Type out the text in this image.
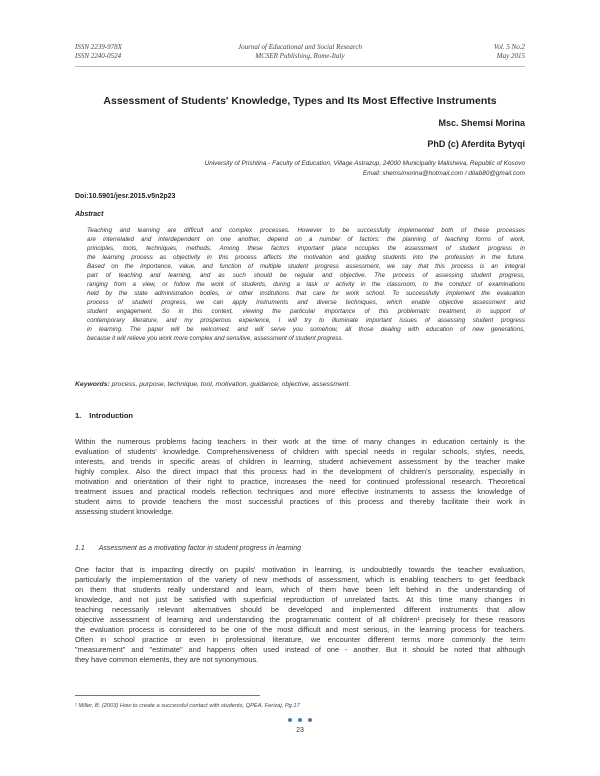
ISSN 2239-978X
ISSN 2240-0524
Journal of Educational and Social Research
MCSER Publishing, Rome-Italy
Vol. 5 No.2
May 2015
Assessment of Students' Knowledge, Types and Its Most Effective Instruments
Msc. Shemsi Morina
PhD (c) Aferdita Bytyqi
University of Prishtina - Faculty of Education, Village Astrazup, 24000 Municipality Malisheva, Republic of Kosovo
Email: shemsimorina@hotmail.com / ditab80@gmail.com
Doi:10.5901/jesr.2015.v5n2p23
Abstract

Teaching and learning are difficult and complex processes. However to be successfully implemented both of these processes

are interrelated and interdependent on one another, depend on a number of factors: the planning of teaching forms of work,

principles, tools, techniques, methods. Among these factors important place occupies the assessment of student progress in

the learning process as objectivity in this process affects the motivation and guiding students into the profession in the future.

Based on the importance, value, and function of multiple student progress assessment, we say that this process is an integral

part of teaching and learning, and as such should be regular and objective. The process of assessing student progress,

ranging from a view, or follow the work of students, during a task or activity in the classroom, to the conduct of examinations

held by the state administration bodies, or other institutions that care for work school. To successfully implement the evaluation

process of student progress, we can apply instruments and diverse techniques, which enable objective assessment and

student engagement. So in this context, viewing the particular importance of this problematic treatment, in support of

contemporary literature, and my prosperous experience, I will try to illuminate important issues of assessing student progress

in learning. The paper will be welcomed, and will serve you somehow, all those dealing with education of new generations,

because it will relieve you work more complex and sensitive, assessment of student progress.

Keywords: process, purpose, technique, tool, motivation, guidance, objective, assessment.
1. Introduction

Within the numerous problems facing teachers in their work at the time of many changes in education certainly is the

evaluation of students' knowledge. Comprehensiveness of children with special needs in regular schools, styles, needs,

interests, and trends in specific areas of children in learning, student achievement assessment by the teacher make

highly complex. Also the direct impact that this process had in the development of children's personality, especially in

motivation and orientation of their right to practice, increases the need for continued professional research. Theoretical

treatment issues and practical models reflection techniques and more effective instruments to assess the knowledge of

student aims to provide teachers the most successful practices of this process and thereby facilitate their work in

assessing student knowledge.

1.1 Assessment as a motivating factor in student progress in learning

One factor that is impacting directly on pupils' motivation in learning, is undoubtedly towards the teacher evaluation,

particularly the implementation of the variety of new methods of assessment, which is enabling teachers to get feedback

on them that students really understand and learn, which of them have been left behind in the understanding of

knowledge, and not just be satisfied with superficial reproduction of unrelated facts. At this time many changes in

teaching necessarily relevant alternatives should be developed and implemented different instruments that allow

objective assessment of learning and understanding the programmatic content of all children¹ precisely for these reasons

the evaluation process is considered to be one of the most difficult and most serious, in the learning process for teachers.

Often in school practice or even in professional literature, we encounter different terms more commonly the term

"measurement" and "estimate" and happens often used instead of one - another. But it should be noted that although

they have common elements, they are not synonymous.

¹ Miller, B. (2003) How to create a successful contact with students, QPEA, Ferizaj, Pg.17
23
